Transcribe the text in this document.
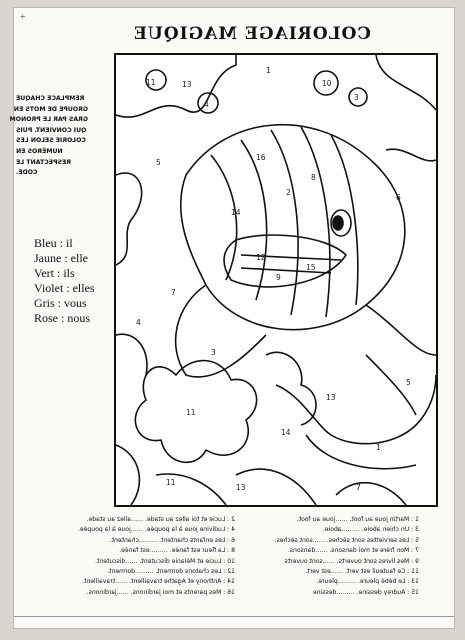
+
COLORIAGE MAGIQUE
REMPLACE CHAQUE
GROUPE DE MOTS EN
GRAS PAR LE PRONOM
QUI CONVIENT. PUIS
COLORIE SELON LES
NUMÉROS EN
RESPECTANT LE
CODE.
Bleu : il
Jaune : elle
Vert : ils
Violet : elles
Gris : vous
Rose : nous
11	13
1
4
10
3
16
5
2
6
8
14
15
12
9
7
11
13
1
4
3
14
13
11
7
5
1 : Martin joue au foot. ……joue au foot.
3 : Un chien aboie. ………aboie.
5 : Les serviettes sont sèches. ……sont sèches.
7 : Mon frère et moi dansons. ……dansons.
9 : Mes livres sont ouverts. ……sont ouverts
11 : Ce fauteuil est vert. ……est vert.
13 : Le bébé pleure. ………pleure.
15 : Audrey dessine. ………dessine
2 : Lucie et toi allez au stade. ……allez au stade.
4 : Ludivine joue à la poupée. ……joue à la poupée.
6 : Les enfants chantent. ………chantent.
8 : La fleur est fanée. ………est fanée.
10 : Lucie et Mélanie discutent. ……discutent.
12 : Les chatons dorment. ………dorment.
14 : Anthony et Agathe travaillent. ……travaillent.
16 : Mes parents et moi jardinons. ……jardinons.
